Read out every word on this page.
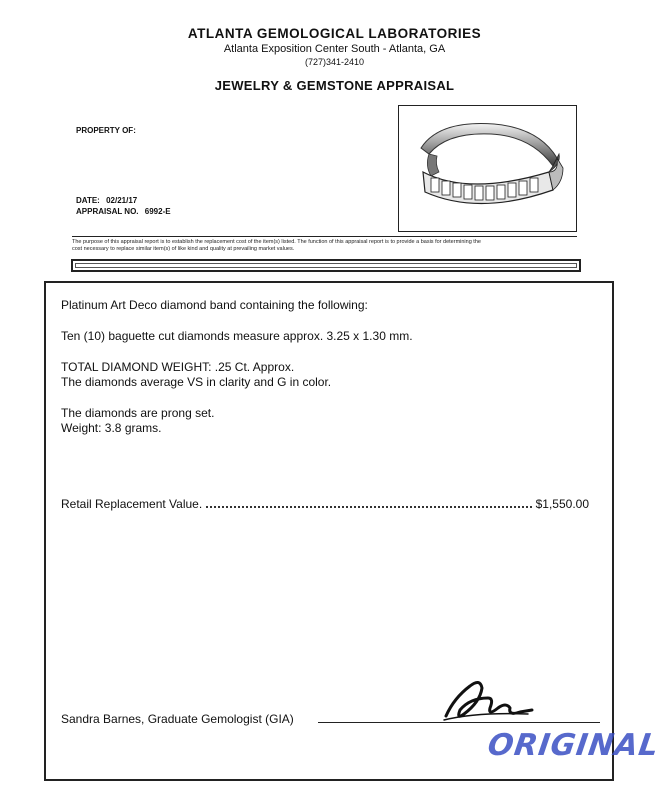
ATLANTA GEMOLOGICAL LABORATORIES
Atlanta Exposition Center South - Atlanta, GA
(727)341-2410
JEWELRY & GEMSTONE APPRAISAL
PROPERTY OF:
DATE: 02/21/17
APPRAISAL NO. 6992-E
The purpose of this appraisal report is to establish the replacement cost of the item(s) listed. The function of this appraisal report is to provide a basis for determining the
cost necessary to replace similar item(s) of like kind and quality at prevailing market values.
Platinum Art Deco diamond band containing the following:
Ten (10) baguette cut diamonds measure approx. 3.25 x 1.30 mm.
TOTAL DIAMOND WEIGHT: .25 Ct. Approx.
The diamonds average VS in clarity and G in color.
The diamonds are prong set.
Weight: 3.8 grams.
Retail Replacement Value.	$1,550.00
Sandra Barnes, Graduate Gemologist (GIA)
ORIGINAL
